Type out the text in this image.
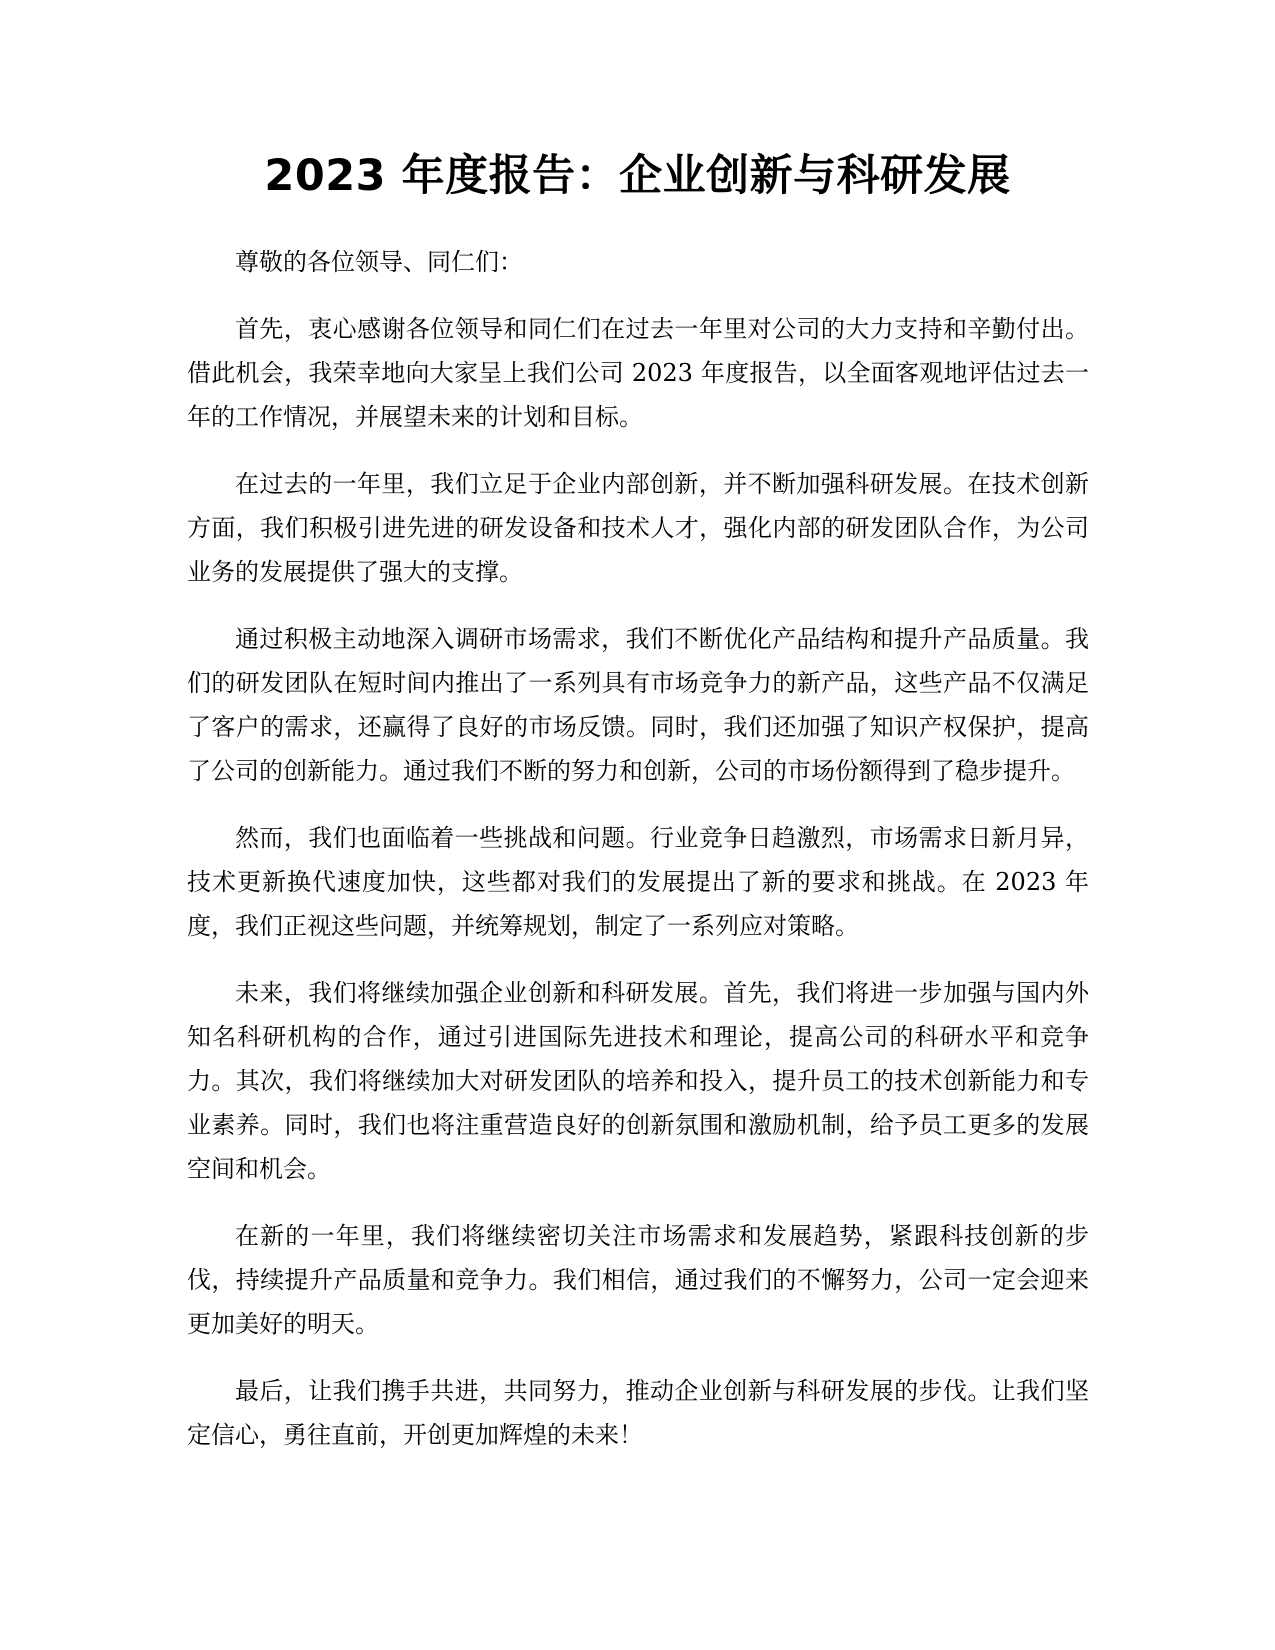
2023 年度报告：企业创新与科研发展

尊敬的各位领导、同仁们：

首先，衷心感谢各位领导和同仁们在过去一年里对公司的大力支持和辛勤付出。借此机会，我荣幸地向大家呈上我们公司 2023 年度报告，以全面客观地评估过去一年的工作情况，并展望未来的计划和目标。

在过去的一年里，我们立足于企业内部创新，并不断加强科研发展。在技术创新方面，我们积极引进先进的研发设备和技术人才，强化内部的研发团队合作，为公司业务的发展提供了强大的支撑。

通过积极主动地深入调研市场需求，我们不断优化产品结构和提升产品质量。我们的研发团队在短时间内推出了一系列具有市场竞争力的新产品，这些产品不仅满足了客户的需求，还赢得了良好的市场反馈。同时，我们还加强了知识产权保护，提高了公司的创新能力。通过我们不断的努力和创新，公司的市场份额得到了稳步提升。

然而，我们也面临着一些挑战和问题。行业竞争日趋激烈，市场需求日新月异，技术更新换代速度加快，这些都对我们的发展提出了新的要求和挑战。在 2023 年度，我们正视这些问题，并统筹规划，制定了一系列应对策略。

未来，我们将继续加强企业创新和科研发展。首先，我们将进一步加强与国内外知名科研机构的合作，通过引进国际先进技术和理论，提高公司的科研水平和竞争力。其次，我们将继续加大对研发团队的培养和投入，提升员工的技术创新能力和专业素养。同时，我们也将注重营造良好的创新氛围和激励机制，给予员工更多的发展空间和机会。

在新的一年里，我们将继续密切关注市场需求和发展趋势，紧跟科技创新的步伐，持续提升产品质量和竞争力。我们相信，通过我们的不懈努力，公司一定会迎来更加美好的明天。

最后，让我们携手共进，共同努力，推动企业创新与科研发展的步伐。让我们坚定信心，勇往直前，开创更加辉煌的未来！
